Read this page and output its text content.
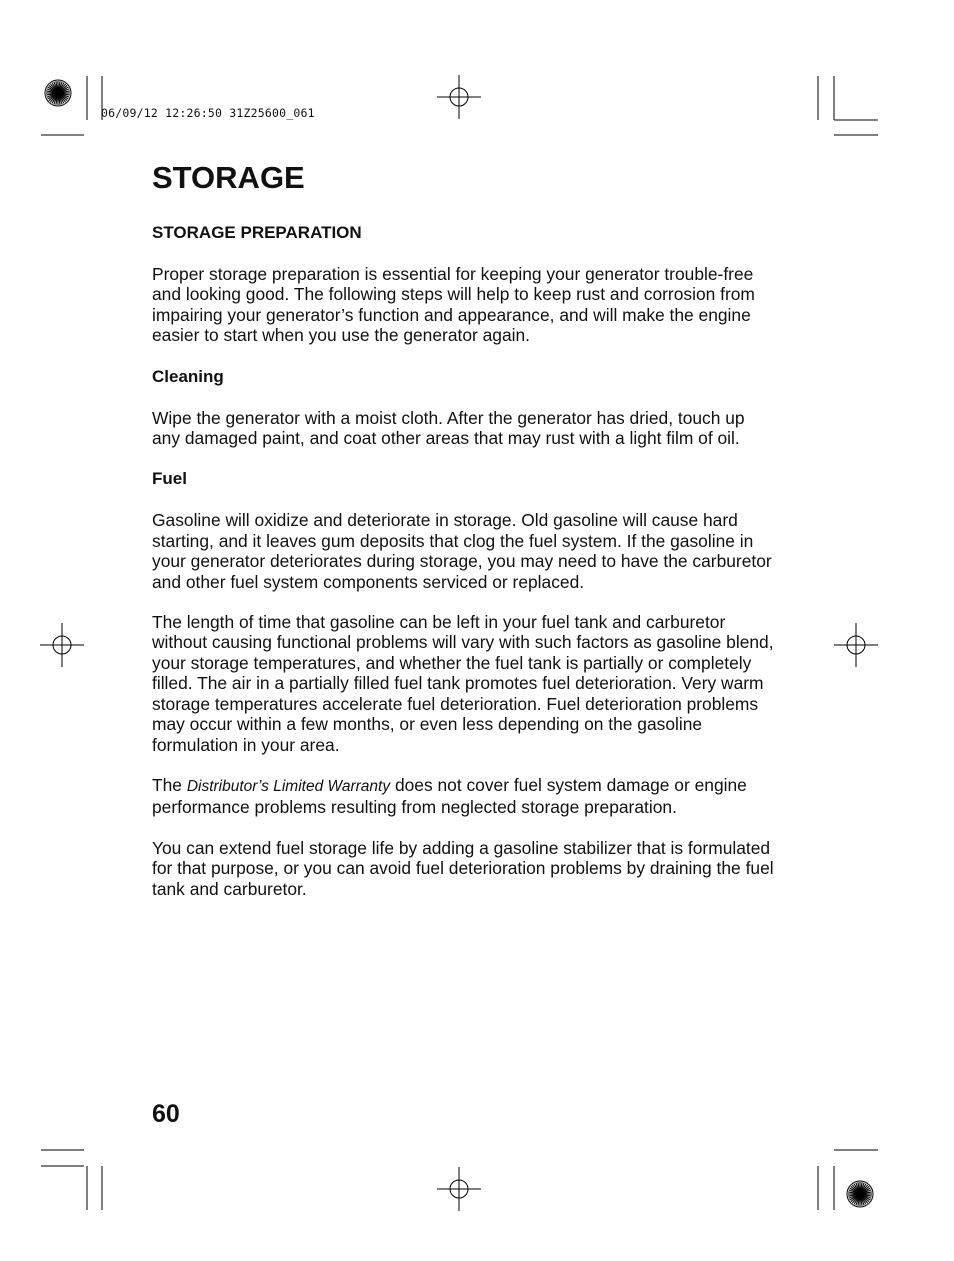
06/09/12 12:26:50 31Z25600_061
STORAGE
STORAGE PREPARATION

Proper storage preparation is essential for keeping your generator trouble-free and looking good. The following steps will help to keep rust and corrosion from impairing your generator’s function and appearance, and will make the engine easier to start when you use the generator again.

Cleaning

Wipe the generator with a moist cloth. After the generator has dried, touch up any damaged paint, and coat other areas that may rust with a light film of oil.

Fuel

Gasoline will oxidize and deteriorate in storage. Old gasoline will cause hard starting, and it leaves gum deposits that clog the fuel system. If the gasoline in your generator deteriorates during storage, you may need to have the carburetor and other fuel system components serviced or replaced.

The length of time that gasoline can be left in your fuel tank and carburetor without causing functional problems will vary with such factors as gasoline blend, your storage temperatures, and whether the fuel tank is partially or completely filled. The air in a partially filled fuel tank promotes fuel deterioration. Very warm storage temperatures accelerate fuel deterioration. Fuel deterioration problems may occur within a few months, or even less depending on the gasoline formulation in your area.

The Distributor’s Limited Warranty does not cover fuel system damage or engine performance problems resulting from neglected storage preparation.

You can extend fuel storage life by adding a gasoline stabilizer that is formulated for that purpose, or you can avoid fuel deterioration problems by draining the fuel tank and carburetor.

60
